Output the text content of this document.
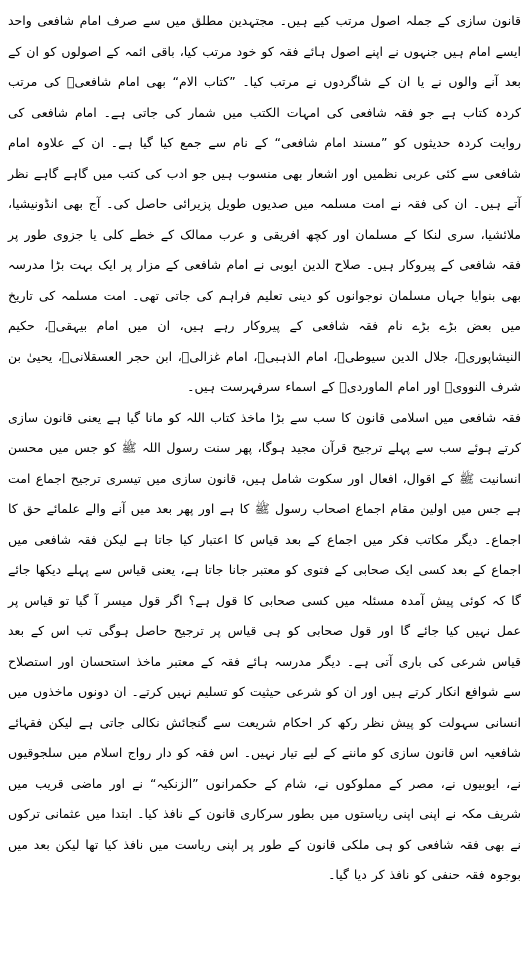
قانون سازی کے جملہ اصول مرتب کیے ہیں۔ مجتہدین مطلق میں سے صرف امام شافعی واحد ایسے امام ہیں جنہوں نے اپنے اصول ہائے فقہ کو خود مرتب کیا، باقی ائمہ کے اصولوں کو ان کے بعد آنے والوں نے یا ان کے شاگردوں نے مرتب کیا۔ ”کتاب الام“ بھی امام شافعیؒ کی مرتب کردہ کتاب ہے جو فقہ شافعی کی امہات الکتب میں شمار کی جاتی ہے۔ امام شافعی کی روایت کردہ حدیثوں کو ”مسند امام شافعی“ کے نام سے جمع کیا گیا ہے۔ ان کے علاوہ امام شافعی سے کئی عربی نظمیں اور اشعار بھی منسوب ہیں جو ادب کی کتب میں گاہے گاہے نظر آتے ہیں۔ ان کی فقہ نے امت مسلمہ میں صدیوں طویل پزیرائی حاصل کی۔ آج بھی انڈونیشیا، ملائشیا، سری لنکا کے مسلمان اور کچھ افریقی و عرب ممالک کے خطے کلی یا جزوی طور پر فقہ شافعی کے پیروکار ہیں۔ صلاح الدین ایوبی نے امام شافعی کے مزار پر ایک بہت بڑا مدرسہ بھی بنوایا جہاں مسلمان نوجوانوں کو دینی تعلیم فراہم کی جاتی تھی۔ امت مسلمہ کی تاریخ میں بعض بڑے بڑے نام فقہ شافعی کے پیروکار رہے ہیں، ان میں امام بیہقیؒ، حکیم النیشاپوریؒ، جلال الدین سیوطیؒ، امام الذہبیؒ، امام غزالیؒ، ابن حجر العسقلانیؒ، یحییٰ بن شرف النوویؒ اور امام الماوردیؒ کے اسماء سرفہرست ہیں۔

فقہ شافعی میں اسلامی قانون کا سب سے بڑا ماخذ کتاب اللہ کو مانا گیا ہے یعنی قانون سازی کرتے ہوئے سب سے پہلے ترجیح قرآن مجید ہوگا، پھر سنت رسول اللہ ﷺ کو جس میں محسن انسانیت ﷺ کے اقوال، افعال اور سکوت شامل ہیں، قانون سازی میں تیسری ترجیح اجماع امت ہے جس میں اولین مقام اجماع اصحاب رسول ﷺ کا ہے اور پھر بعد میں آنے والے علمائے حق کا اجماع۔ دیگر مکاتب فکر میں اجماع کے بعد قیاس کا اعتبار کیا جاتا ہے لیکن فقہ شافعی میں اجماع کے بعد کسی ایک صحابی کے فتوی کو معتبر جانا جاتا ہے، یعنی قیاس سے پہلے دیکھا جائے گا کہ کوئی پیش آمدہ مسئلہ میں کسی صحابی کا قول ہے؟ اگر قول میسر آ گیا تو قیاس پر عمل نہیں کیا جائے گا اور قول صحابی کو ہی قیاس پر ترجیح حاصل ہوگی تب اس کے بعد قیاس شرعی کی باری آتی ہے۔ دیگر مدرسہ ہائے فقہ کے معتبر ماخذ استحسان اور استصلاح سے شوافع انکار کرتے ہیں اور ان کو شرعی حیثیت کو تسلیم نہیں کرتے۔ ان دونوں ماخذوں میں انسانی سہولت کو پیش نظر رکھ کر احکام شریعت سے گنجائش نکالی جاتی ہے لیکن فقہائے شافعیہ اس قانون سازی کو ماننے کے لیے تیار نہیں۔ اس فقہ کو دار رواج اسلام میں سلجوقیوں نے، ایوبیوں نے، مصر کے مملوکوں نے، شام کے حکمرانوں ”الزنکیہ“ نے اور ماضی قریب میں شریف مکہ نے اپنی اپنی ریاستوں میں بطور سرکاری قانون کے نافذ کیا۔ ابتدا میں عثمانی ترکوں نے بھی فقہ شافعی کو ہی ملکی قانون کے طور پر اپنی ریاست میں نافذ کیا تھا لیکن بعد میں بوجوہ فقہ حنفی کو نافذ کر دیا گیا۔
